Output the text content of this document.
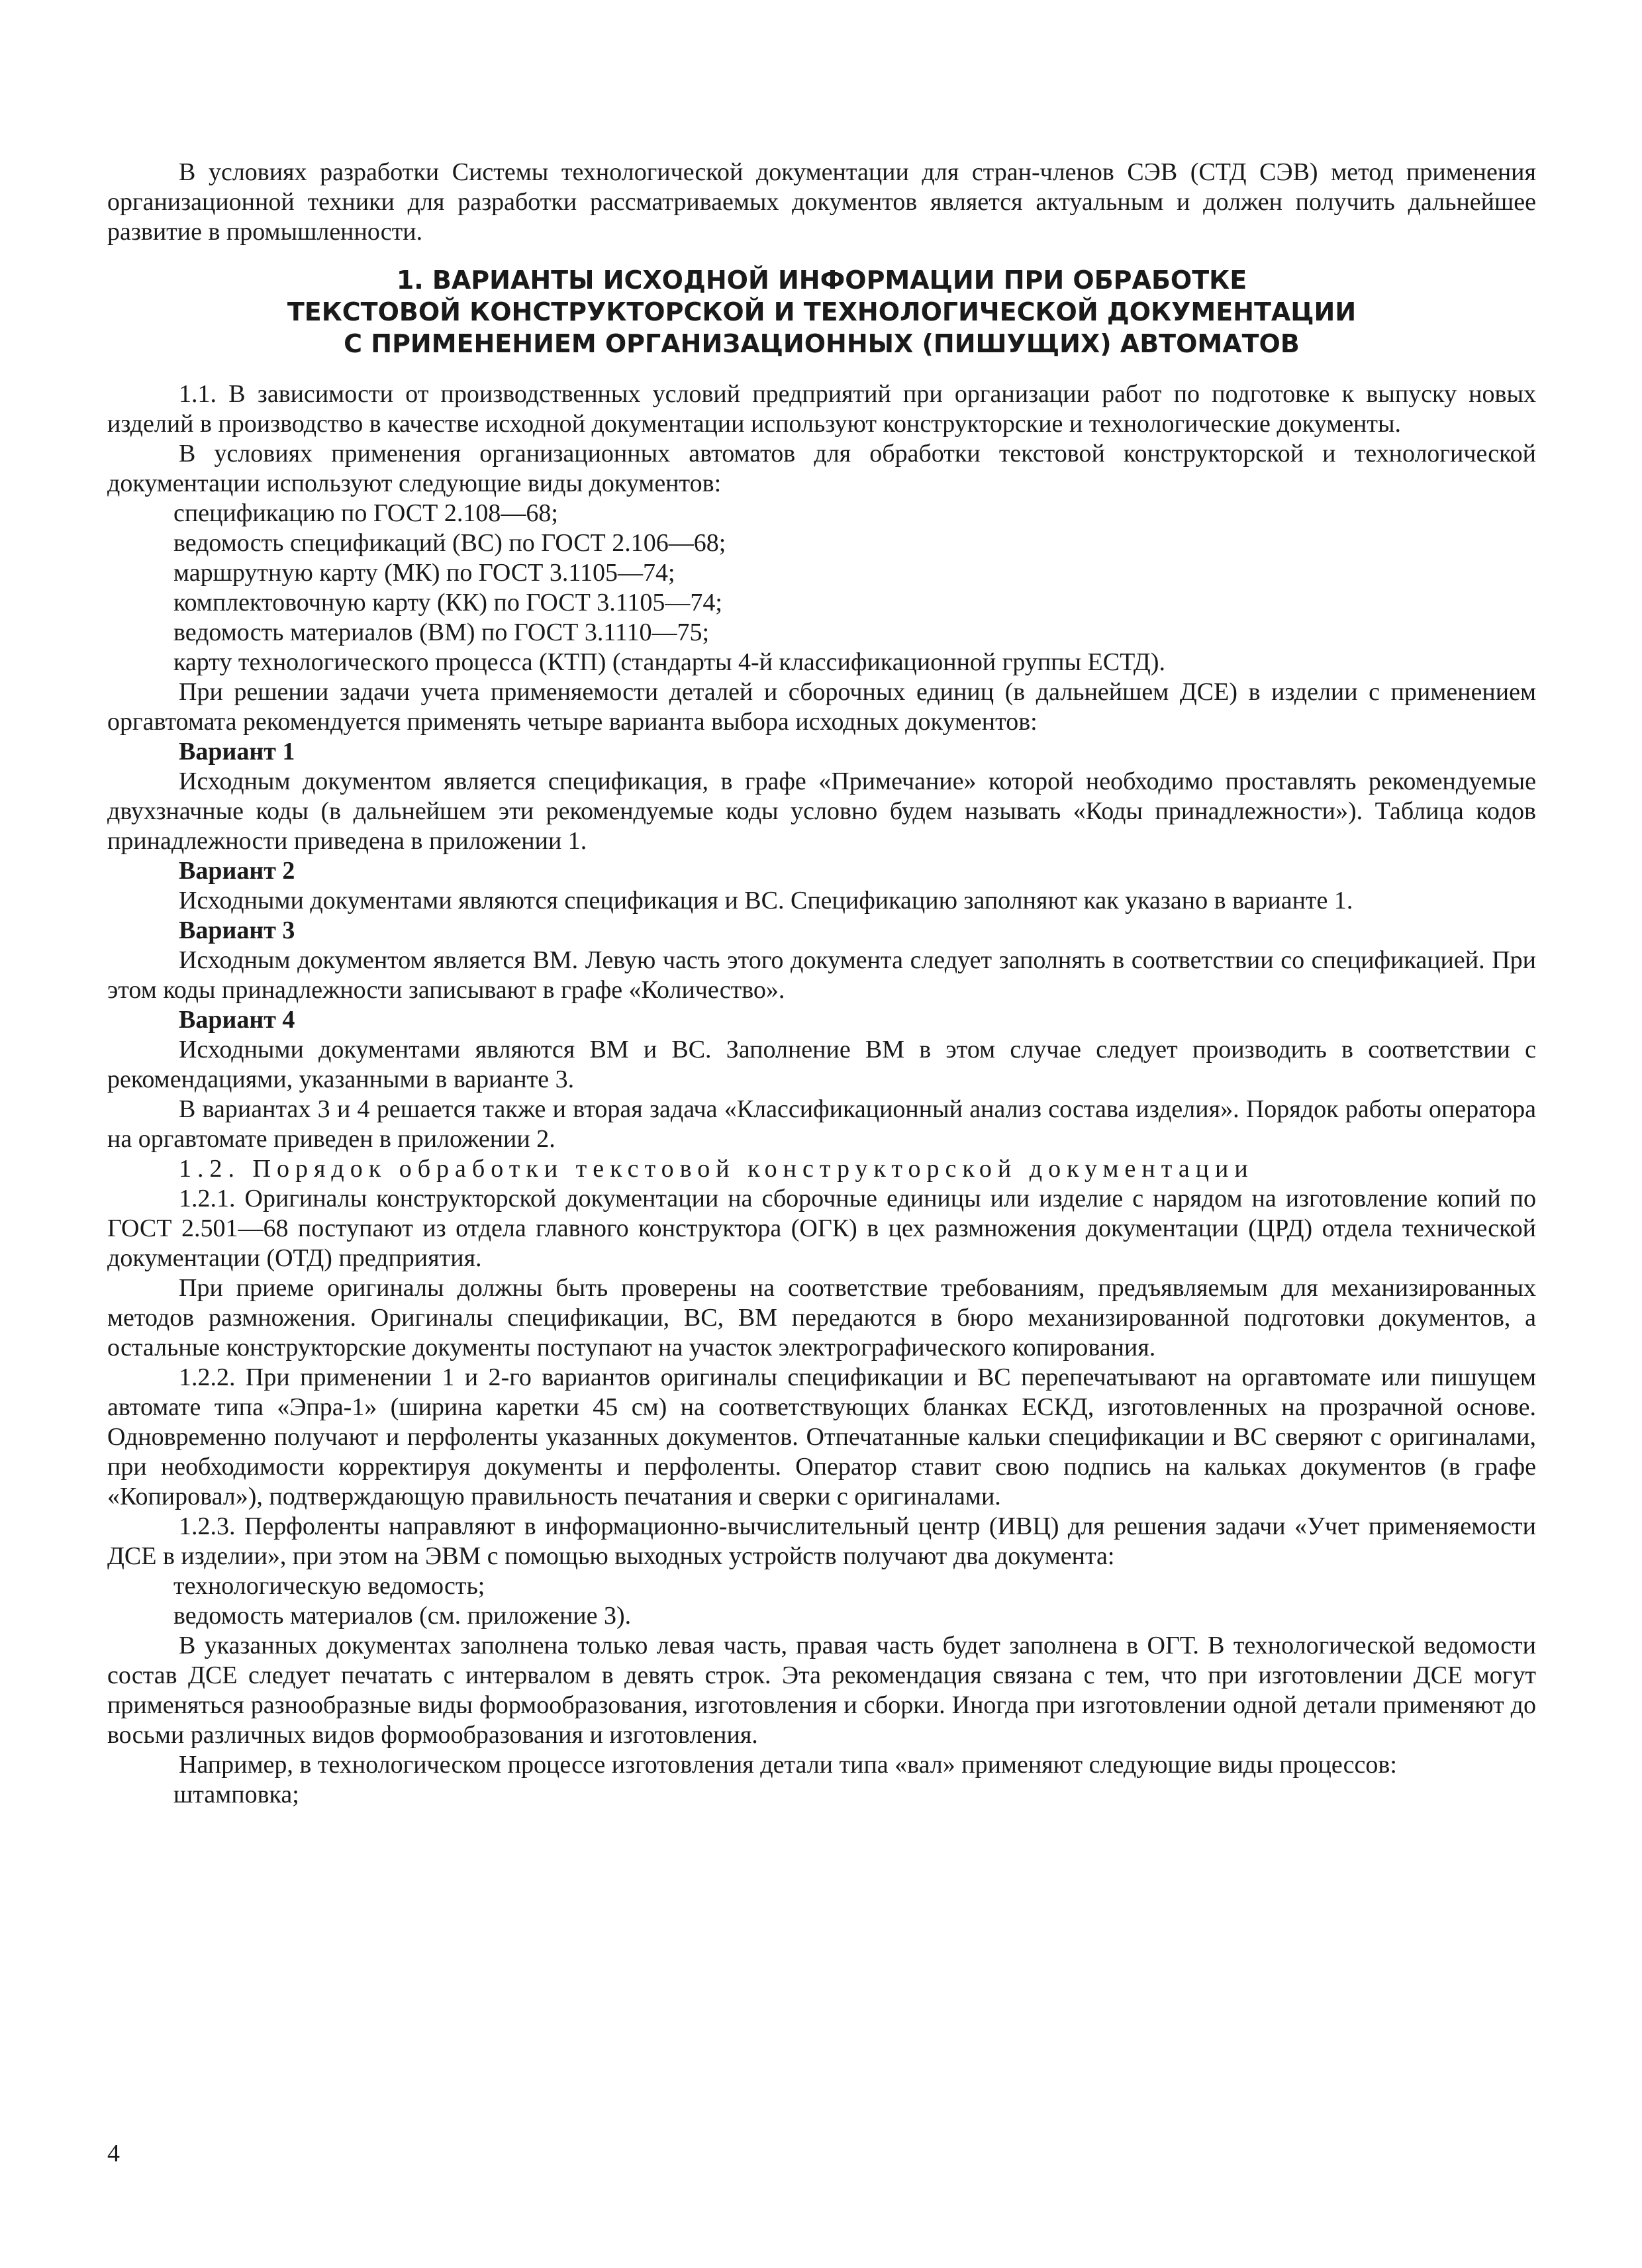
В условиях разработки Системы технологической документации для стран-членов СЭВ (СТД СЭВ) метод применения организационной техники для разработки рассматриваемых документов является актуальным и должен получить дальнейшее развитие в промышленности.

1. ВАРИАНТЫ ИСХОДНОЙ ИНФОРМАЦИИ ПРИ ОБРАБОТКЕ
ТЕКСТОВОЙ КОНСТРУКТОРСКОЙ И ТЕХНОЛОГИЧЕСКОЙ ДОКУМЕНТАЦИИ
С ПРИМЕНЕНИЕМ ОРГАНИЗАЦИОННЫХ (ПИШУЩИХ) АВТОМАТОВ

1.1. В зависимости от производственных условий предприятий при организации работ по подготовке к выпуску новых изделий в производство в качестве исходной документации используют конструкторские и технологические документы.

В условиях применения организационных автоматов для обработки текстовой конструкторской и технологической документации используют следующие виды документов:

спецификацию по ГОСТ 2.108—68;

ведомость спецификаций (ВС) по ГОСТ 2.106—68;

маршрутную карту (МК) по ГОСТ 3.1105—74;

комплектовочную карту (КК) по ГОСТ 3.1105—74;

ведомость материалов (ВМ) по ГОСТ 3.1110—75;

карту технологического процесса (КТП) (стандарты 4-й классификационной группы ЕСТД).

При решении задачи учета применяемости деталей и сборочных единиц (в дальнейшем ДСЕ) в изделии с применением оргавтомата рекомендуется применять четыре варианта выбора исходных документов:

Вариант 1

Исходным документом является спецификация, в графе «Примечание» которой необходимо проставлять рекомендуемые двухзначные коды (в дальнейшем эти рекомендуемые коды условно будем называть «Коды принадлежности»). Таблица кодов принадлежности приведена в приложении 1.

Вариант 2

Исходными документами являются спецификация и ВС. Спецификацию заполняют как указано в варианте 1.

Вариант 3

Исходным документом является ВМ. Левую часть этого документа следует заполнять в соответствии со спецификацией. При этом коды принадлежности записывают в графе «Количество».

Вариант 4

Исходными документами являются ВМ и ВС. Заполнение ВМ в этом случае следует производить в соответствии с рекомендациями, указанными в варианте 3.

В вариантах 3 и 4 решается также и вторая задача «Классификационный анализ состава изделия». Порядок работы оператора на оргавтомате приведен в приложении 2.

1.2. Порядок обработки текстовой конструкторской документации

1.2.1. Оригиналы конструкторской документации на сборочные единицы или изделие с нарядом на изготовление копий по ГОСТ 2.501—68 поступают из отдела главного конструктора (ОГК) в цех размножения документации (ЦРД) отдела технической документации (ОТД) предприятия.

При приеме оригиналы должны быть проверены на соответствие требованиям, предъявляемым для механизированных методов размножения. Оригиналы спецификации, ВС, ВМ передаются в бюро механизированной подготовки документов, а остальные конструкторские документы поступают на участок электрографического копирования.

1.2.2. При применении 1 и 2-го вариантов оригиналы спецификации и ВС перепечатывают на оргавтомате или пишущем автомате типа «Эпра-1» (ширина каретки 45 см) на соответствующих бланках ЕСКД, изготовленных на прозрачной основе. Одновременно получают и перфоленты указанных документов. Отпечатанные кальки спецификации и ВС сверяют с оригиналами, при необходимости корректируя документы и перфоленты. Оператор ставит свою подпись на кальках документов (в графе «Копировал»), подтверждающую правильность печатания и сверки с оригиналами.

1.2.3. Перфоленты направляют в информационно-вычислительный центр (ИВЦ) для решения задачи «Учет применяемости ДСЕ в изделии», при этом на ЭВМ с помощью выходных устройств получают два документа:

технологическую ведомость;

ведомость материалов (см. приложение 3).

В указанных документах заполнена только левая часть, правая часть будет заполнена в ОГТ. В технологической ведомости состав ДСЕ следует печатать с интервалом в девять строк. Эта рекомендация связана с тем, что при изготовлении ДСЕ могут применяться разнообразные виды формообразования, изготовления и сборки. Иногда при изготовлении одной детали применяют до восьми различных видов формообразования и изготовления.

Например, в технологическом процессе изготовления детали типа «вал» применяют следующие виды процессов:

штамповка;

4
